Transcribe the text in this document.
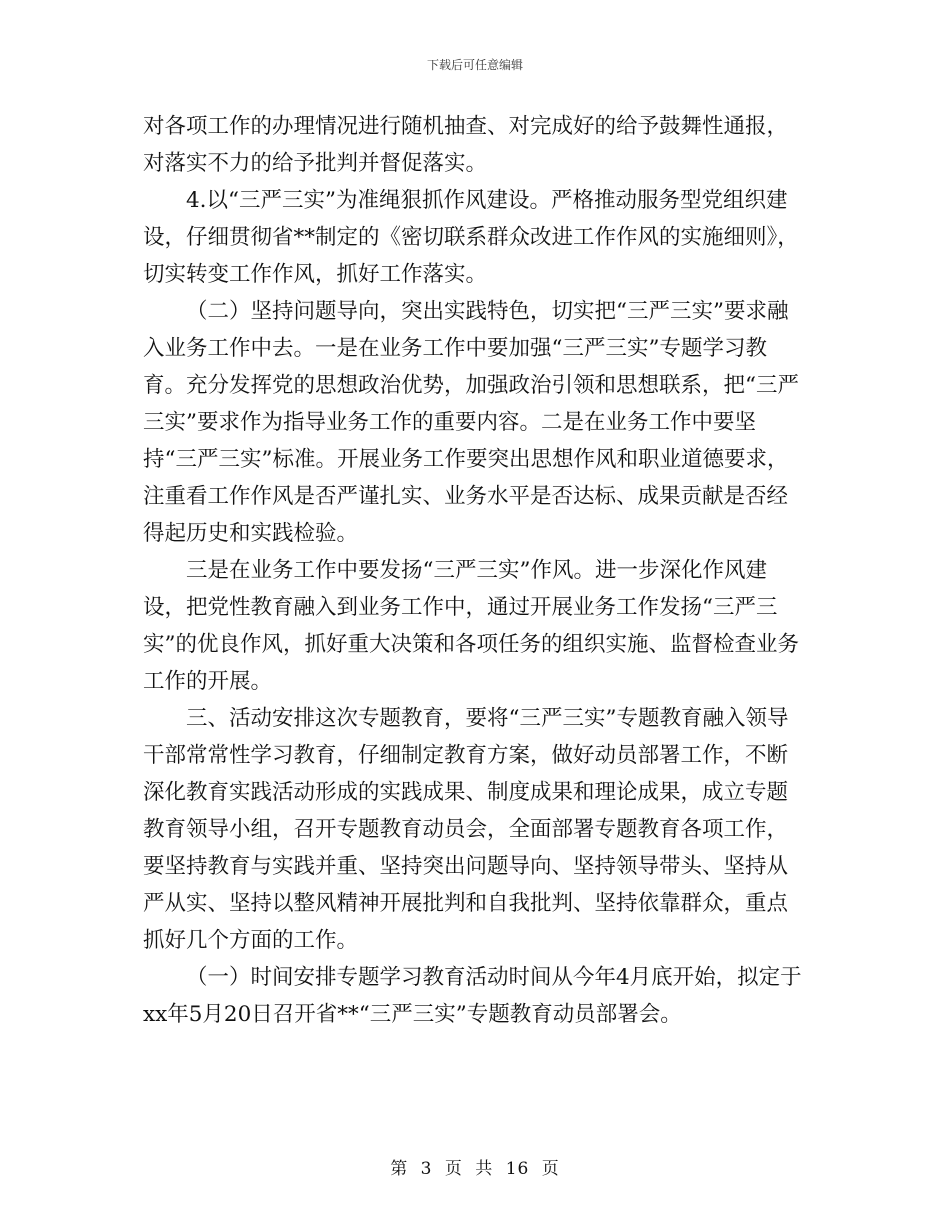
下载后可任意编辑

对各项工作的办理情况进行随机抽查、对完成好的给予鼓舞性通报，对落实不力的给予批判并督促落实。

4.以“三严三实”为准绳狠抓作风建设。严格推动服务型党组织建设，仔细贯彻省**制定的《密切联系群众改进工作作风的实施细则》，切实转变工作作风，抓好工作落实。

（二）坚持问题导向，突出实践特色，切实把“三严三实”要求融入业务工作中去。一是在业务工作中要加强“三严三实”专题学习教育。充分发挥党的思想政治优势，加强政治引领和思想联系，把“三严三实”要求作为指导业务工作的重要内容。二是在业务工作中要坚持“三严三实”标准。开展业务工作要突出思想作风和职业道德要求，注重看工作作风是否严谨扎实、业务水平是否达标、成果贡献是否经得起历史和实践检验。

三是在业务工作中要发扬“三严三实”作风。进一步深化作风建设，把党性教育融入到业务工作中，通过开展业务工作发扬“三严三实”的优良作风，抓好重大决策和各项任务的组织实施、监督检查业务工作的开展。

三、活动安排这次专题教育，要将“三严三实”专题教育融入领导干部常常性学习教育，仔细制定教育方案，做好动员部署工作，不断深化教育实践活动形成的实践成果、制度成果和理论成果，成立专题教育领导小组，召开专题教育动员会，全面部署专题教育各项工作，要坚持教育与实践并重、坚持突出问题导向、坚持领导带头、坚持从严从实、坚持以整风精神开展批判和自我批判、坚持依靠群众，重点抓好几个方面的工作。

（一）时间安排专题学习教育活动时间从今年4月底开始，拟定于xx年5月20日召开省**“三严三实”专题教育动员部署会。

第 3 页 共 16 页
